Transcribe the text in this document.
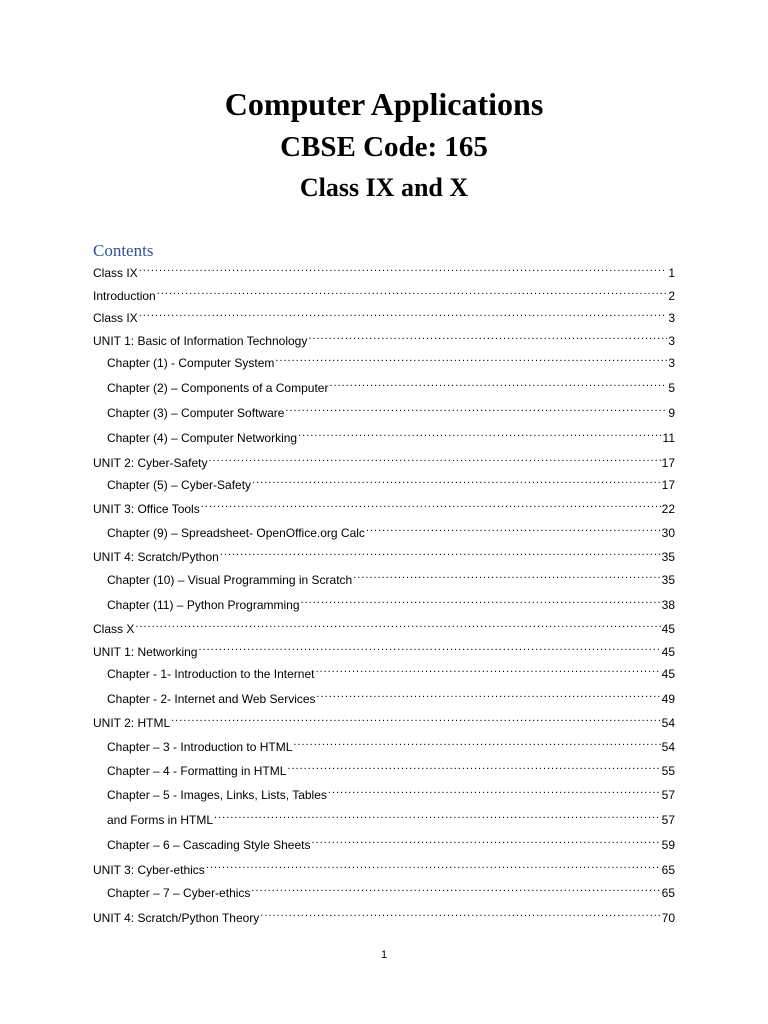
Computer Applications
CBSE Code: 165
Class IX and X
Contents
Class IX .....	1
Introduction .....	2
Class IX .....	3
UNIT 1: Basic of Information Technology .....	3
Chapter (1) - Computer System .....	3
Chapter (2) – Components of a Computer .....	5
Chapter (3) – Computer Software .....	9
Chapter (4) – Computer Networking .....	11
UNIT 2: Cyber-Safety .....	17
Chapter (5) – Cyber-Safety .....	17
UNIT 3: Office Tools .....	22
Chapter (9) – Spreadsheet- OpenOffice.org Calc .....	30
UNIT 4: Scratch/Python .....	35
Chapter (10) – Visual Programming in Scratch .....	35
Chapter (11) – Python Programming .....	38
Class X .....	45
UNIT 1: Networking .....	45
Chapter - 1- Introduction to the Internet .....	45
Chapter - 2- Internet and Web Services .....	49
UNIT 2: HTML .....	54
Chapter – 3 - Introduction to HTML .....	54
Chapter – 4 - Formatting in HTML .....	55
Chapter – 5 - Images, Links, Lists, Tables .....	57
and Forms in HTML .....	57
Chapter – 6 – Cascading Style Sheets .....	59
UNIT 3: Cyber-ethics .....	65
Chapter – 7 – Cyber-ethics .....	65
UNIT 4: Scratch/Python Theory .....	70
1
